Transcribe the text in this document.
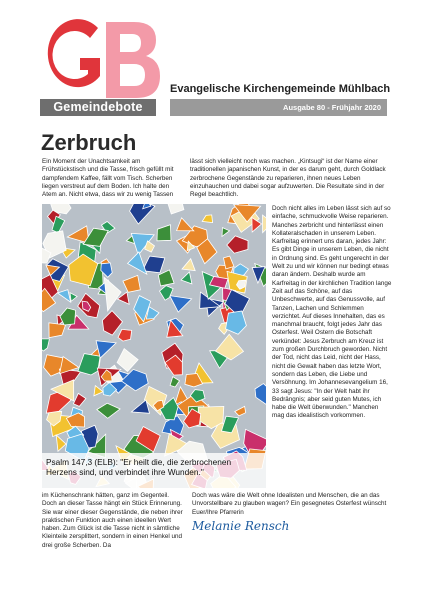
Gemeindebote
Evangelische Kirchengemeinde Mühlbach
Ausgabe 80 - Frühjahr 2020
Zerbruch

Ein Moment der Unachtsamkeit am Frühstückstisch und die Tasse, frisch gefüllt mit dampfendem Kaffee, fällt vom Tisch. Scherben liegen verstreut auf dem Boden. Ich halte den Atem an. Nicht etwa, dass wir zu wenig Tassen

lässt sich vielleicht noch was machen. „Kintsugi“ ist der Name einer traditionellen japanischen Kunst, in der es darum geht, durch Goldlack zerbrochene Gegenstände zu reparieren, ihnen neues Leben einzuhauchen und dabei sogar aufzuwerten. Die Resultate sind in der Regel beachtlich.

Doch nicht alles im Leben lässt sich auf so einfache, schmuckvolle Weise reparieren. Manches zerbricht und hinterlässt einen Kollateralschaden in unserem Leben. Karfreitag erinnert uns daran, jedes Jahr: Es gibt Dinge in unserem Leben, die nicht in Ordnung sind. Es geht ungerecht in der Welt zu und wir können nur bedingt etwas daran ändern. Deshalb wurde am Karfreitag in der kirchlichen Tradition lange Zeit auf das Schöne, auf das Unbeschwerte, auf das Genussvolle, auf Tanzen, Lachen und Schlemmen verzichtet. Auf dieses Innehalten, das es manchmal braucht, folgt jedes Jahr das Osterfest. Weil Ostern die Botschaft verkündet: Jesus Zerbruch am Kreuz ist zum großen Durchbruch geworden. Nicht der Tod, nicht das Leid, nicht der Hass, nicht die Gewalt haben das letzte Wort, sondern das Leben, die Liebe und Versöhnung. Im Johannesevangelium 16, 33 sagt Jesus: "In der Welt habt ihr Bedrängnis; aber seid guten Mutes, ich habe die Welt überwunden." Manchen mag das idealistisch vorkommen.

Psalm 147,3 (ELB): "Er heilt die, die zerbrochenen Herzens sind, und verbindet ihre Wunden."

im Küchenschrank hätten, ganz im Gegenteil. Doch an dieser Tasse hängt ein Stück Erinnerung. Sie war einer dieser Gegenstände, die neben ihrer praktischen Funktion auch einen ideellen Wert haben. Zum Glück ist die Tasse nicht in sämtliche Kleinteile zersplittert, sondern in einen Henkel und drei große Scherben. Da

Doch was wäre die Welt ohne Idealisten und Menschen, die an das Unvorstellbare zu glauben wagen? Ein gesegnetes Osterfest wünscht Euer/Ihre Pfarrerin

Melanie Rensch
